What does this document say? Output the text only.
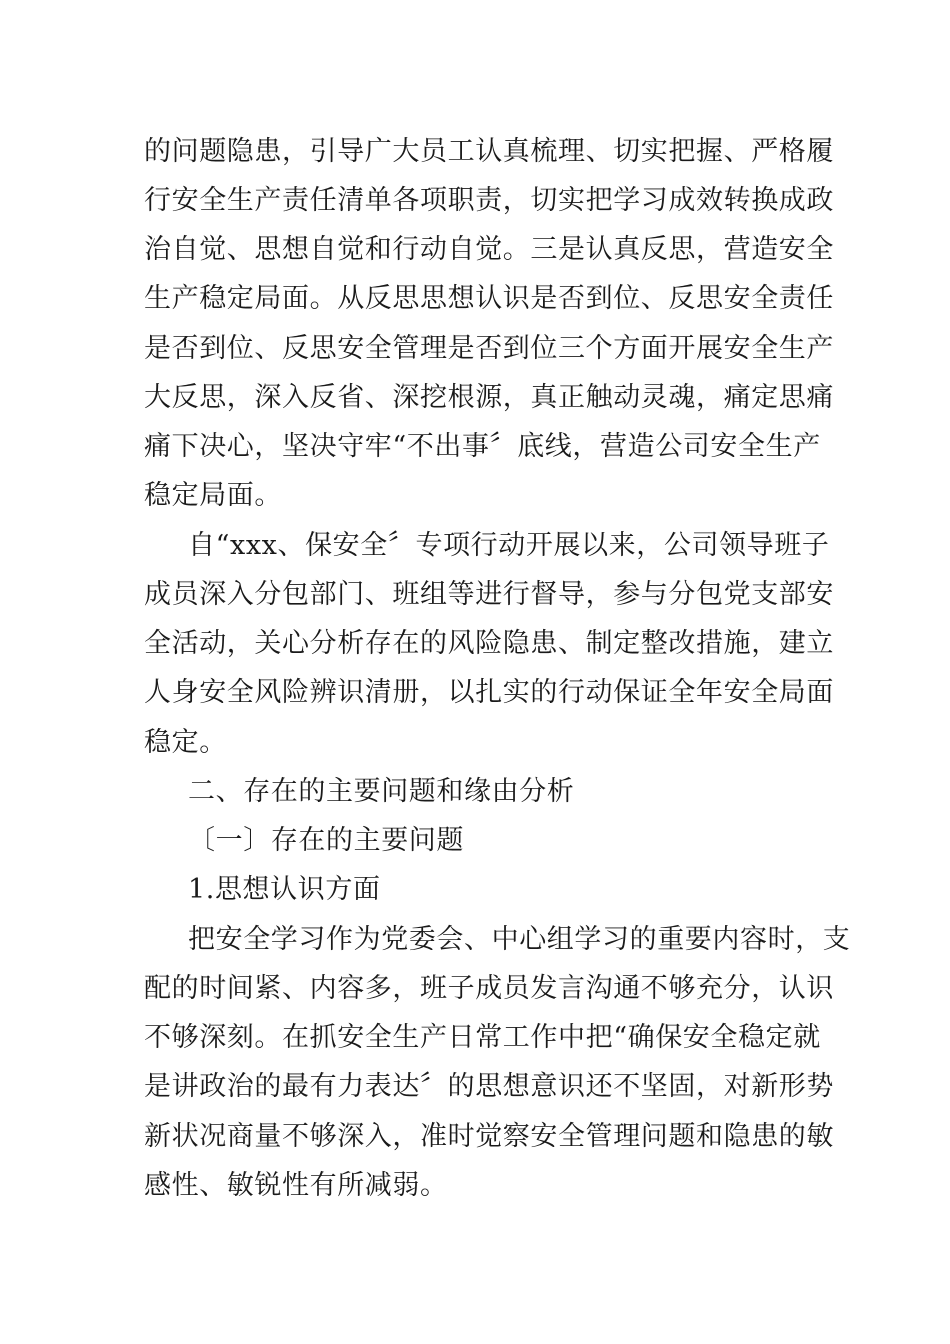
的问题隐患，引导广大员工认真梳理、切实把握、严格履
行安全生产责任清单各项职责，切实把学习成效转换成政
治自觉、思想自觉和行动自觉。三是认真反思，营造安全
生产稳定局面。从反思思想认识是否到位、反思安全责任
是否到位、反思安全管理是否到位三个方面开展安全生产
大反思，深入反省、深挖根源，真正触动灵魂，痛定思痛
痛下决心，坚决守牢“不出事〞底线，营造公司安全生产
稳定局面。
自“xxx、保安全〞专项行动开展以来，公司领导班子
成员深入分包部门、班组等进行督导，参与分包党支部安
全活动，关心分析存在的风险隐患、制定整改措施，建立
人身安全风险辨识清册，以扎实的行动保证全年安全局面
稳定。
二、存在的主要问题和缘由分析
〔一〕存在的主要问题
1.思想认识方面
把安全学习作为党委会、中心组学习的重要内容时，支
配的时间紧、内容多，班子成员发言沟通不够充分，认识
不够深刻。在抓安全生产日常工作中把“确保安全稳定就
是讲政治的最有力表达〞的思想意识还不坚固，对新形势
新状况商量不够深入，准时觉察安全管理问题和隐患的敏
感性、敏锐性有所减弱。
